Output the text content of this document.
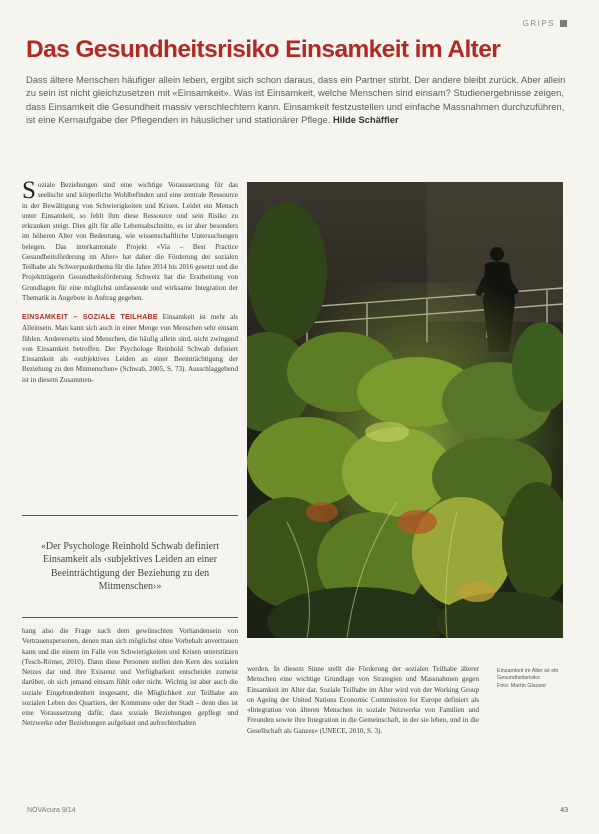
GRIPS
Das Gesundheitsrisiko Einsamkeit im Alter

Dass ältere Menschen häufiger allein leben, ergibt sich schon daraus, dass ein Partner stirbt. Der andere bleibt zurück. Aber allein zu sein ist nicht gleichzusetzen mit «Einsamkeit». Was ist Einsamkeit, welche Menschen sind einsam? Studienergebnisse zeigen, dass Einsamkeit die Gesundheit massiv verschlechtern kann. Einsamkeit festzustellen und einfache Massnahmen durchzuführen, ist eine Kernaufgabe der Pflegenden in häuslicher und stationärer Pflege. Hilde Schäffler

Soziale Beziehungen sind eine wichtige Voraussetzung für das seelische und körperliche Wohlbefinden und eine zentrale Ressource in der Bewältigung von Schwierigkeiten und Krisen. Leidet ein Mensch unter Einsamkeit, so fehlt ihm diese Ressource und sein Risiko zu erkranken steigt. Dies gilt für alle Lebensabschnitte, es ist aber besonders im höheren Alter von Bedeutung, wie wissenschaftliche Untersuchungen belegen. Das interkantonale Projekt «Via – Best Practice Gesundheitsförderung im Alter» hat daher die Förderung der sozialen Teilhabe als Schwerpunktthema für die Jahre 2014 bis 2016 gesetzt und die Projektträgerin Gesundheitsförderung Schweiz hat die Erarbeitung von Grundlagen für eine möglichst umfassende und wirksame Integration der Thematik in Angebote in Auftrag gegeben.

EINSAMKEIT – SOZIALE TEILHABE Einsamkeit ist mehr als Alleinsein. Man kann sich auch in einer Menge von Menschen sehr einsam fühlen. Andererseits sind Menschen, die häufig allein sind, nicht zwingend von Einsamkeit betroffen. Der Psychologe Reinhold Schwab definiert Einsamkeit als «subjektives Leiden an einer Beeinträchtigung der Beziehung zu den Mitmenschen» (Schwab, 2005, S. 73). Ausschlaggebend ist in diesem Zusammen-

«Der Psychologe Reinhold Schwab definiert Einsamkeit als ‹subjektives Leiden an einer Beeinträchtigung der Beziehung zu den Mitmenschen›»

hang also die Frage nach dem gewünschten Vorhandensein von Vertrauenspersonen, denen man sich möglichst ohne Vorbehalt anvertrauen kann und die einem im Falle von Schwierigkeiten und Krisen unterstützen (Tesch-Römer, 2010). Dann diese Personen stellen den Kern des sozialen Netzes dar und ihre Existenz und Verfügbarkeit entscheidet zumeist darüber, ob sich jemand einsam fühlt oder nicht. Wichtig ist aber auch die soziale Eingebundenheit insgesamt, die Möglichkeit zur Teilhabe am sozialen Leben des Quartiers, der Kommune oder der Stadt – denn dies ist eine Voraussetzung dafür, dass soziale Beziehungen gepflegt und Netzwerke oder Beziehungen aufgebaut und aufrechterhalten

Einsamkeit im Alter ist ein Gesundheitsrisiko

Foto: Martin Glauser

werden. In diesem Sinne stellt die Förderung der sozialen Teilhabe älterer Menschen eine wichtige Grundlage von Strategien und Massnahmen gegen Einsamkeit im Alter dar. Soziale Teilhabe im Alter wird von der Working Group on Ageing der United Nations Economic Commission for Europe definiert als «Integration von älteren Menschen in soziale Netzwerke von Familien und Freunden sowie ihre Integration in die Gemeinschaft, in der sie leben, und in die Gesellschaft als Ganzes» (UNECE, 2010, S. 3).

NOVAcura 9/14	43
